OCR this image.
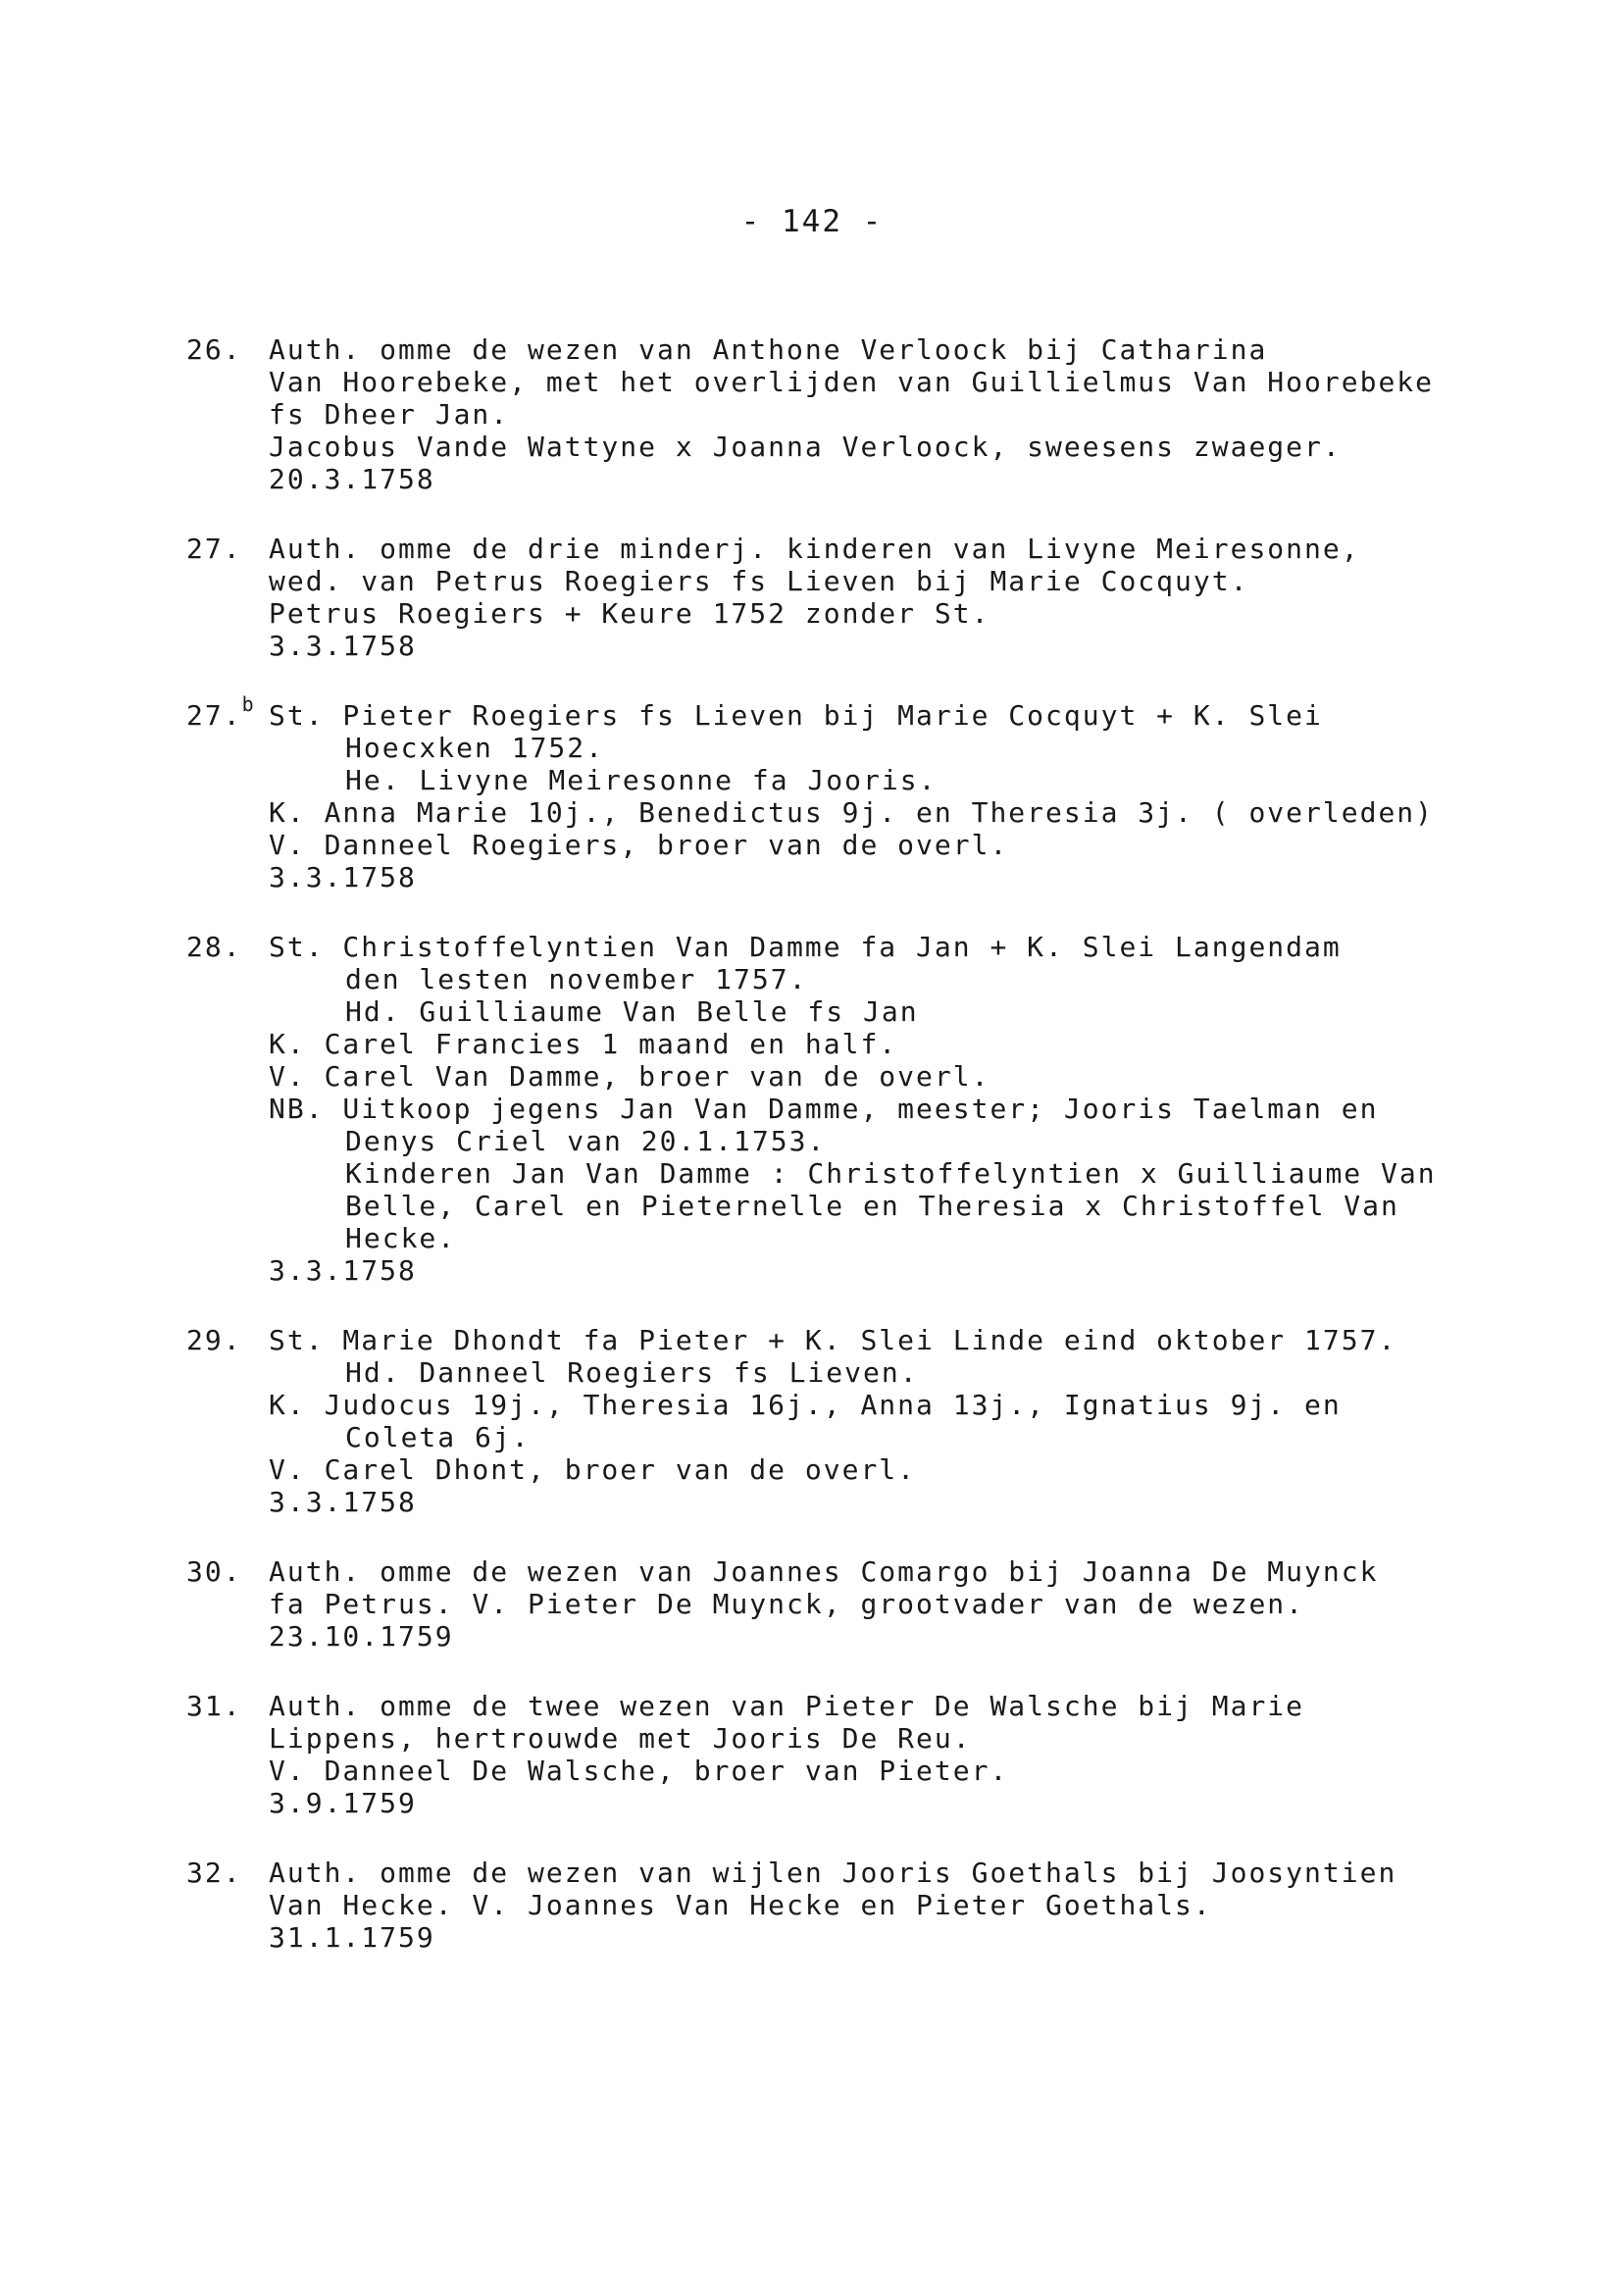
- 142 -
26. Auth. omme de wezen van Anthone Verloock bij Catharina
Van Hoorebeke, met het overlijden van Guillielmus Van Hoorebeke
fs Dheer Jan.
Jacobus Vande Wattyne x Joanna Verloock, sweesens zwaeger.
20.3.1758
27. Auth. omme de drie minderj. kinderen van Livyne Meiresonne,
wed. van Petrus Roegiers fs Lieven bij Marie Cocquyt.
Petrus Roegiers + Keure 1752 zonder St.
3.3.1758
27.$^b$ St. Pieter Roegiers fs Lieven bij Marie Cocquyt + K. Slei
Hoecxken 1752.
He. Livyne Meiresonne fa Jooris.
K. Anna Marie 10j., Benedictus 9j. en Theresia 3j. ( overleden)
V. Danneel Roegiers, broer van de overl.
3.3.1758
28. St. Christoffelyntien Van Damme fa Jan + K. Slei Langendam
den lesten november 1757.
Hd. Guilliaume Van Belle fs Jan
K. Carel Francies 1 maand en half.
V. Carel Van Damme, broer van de overl.
NB. Uitkoop jegens Jan Van Damme, meester; Jooris Taelman en
Denys Criel van 20.1.1753.
Kinderen Jan Van Damme : Christoffelyntien x Guilliaume Van
Belle, Carel en Pieternelle en Theresia x Christoffel Van
Hecke.
3.3.1758
29. St. Marie Dhondt fa Pieter + K. Slei Linde eind oktober 1757.
Hd. Danneel Roegiers fs Lieven.
K. Judocus 19j., Theresia 16j., Anna 13j., Ignatius 9j. en
Coleta 6j.
V. Carel Dhont, broer van de overl.
3.3.1758
30. Auth. omme de wezen van Joannes Comargo bij Joanna De Muynck
fa Petrus. V. Pieter De Muynck, grootvader van de wezen.
23.10.1759
31. Auth. omme de twee wezen van Pieter De Walsche bij Marie
Lippens, hertrouwde met Jooris De Reu.
V. Danneel De Walsche, broer van Pieter.
3.9.1759
32. Auth. omme de wezen van wijlen Jooris Goethals bij Joosyntien
Van Hecke. V. Joannes Van Hecke en Pieter Goethals.
31.1.1759
